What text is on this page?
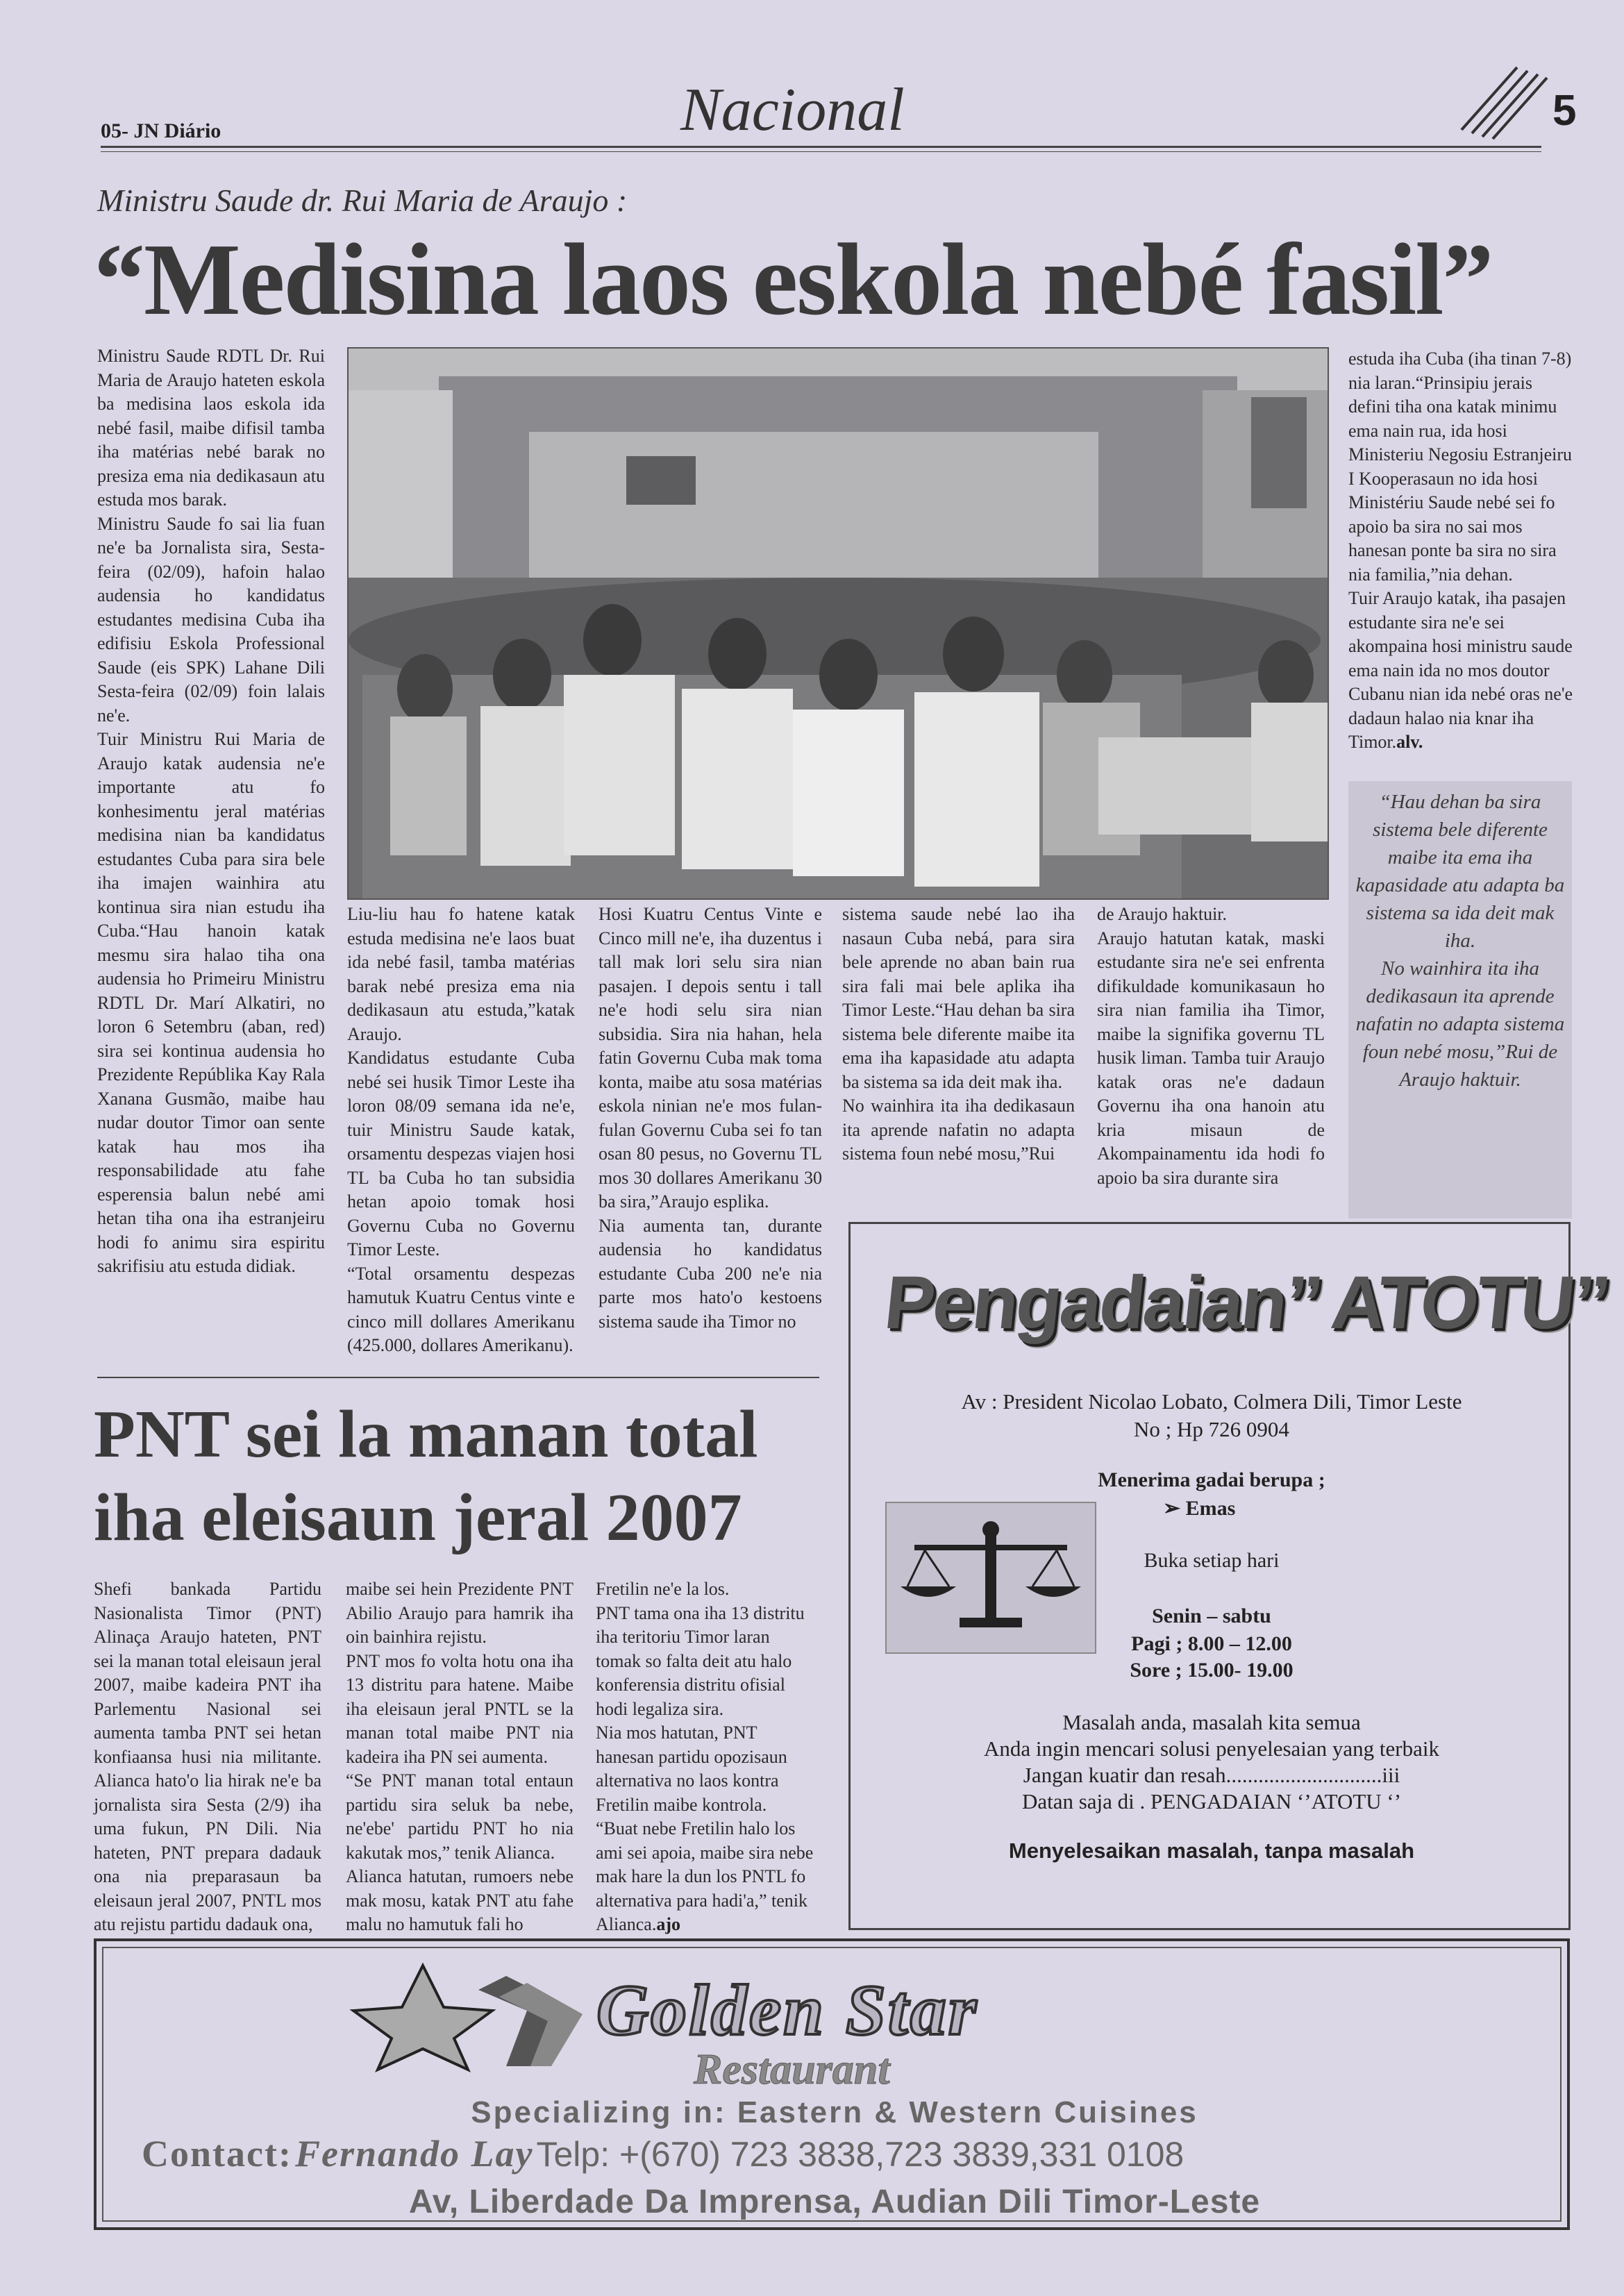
05- JN Diário	Nacional	5
Ministru Saude dr. Rui Maria de Araujo :
“Medisina laos eskola nebé fasil”
Ministru Saude RDTL Dr. Rui Maria de Araujo hateten eskola ba medisina laos eskola ida nebé fasil, maibe difisil tamba iha matérias nebé barak no presiza ema nia dedikasaun atu estuda mos barak.
Ministru Saude fo sai lia fuan ne'e ba Jornalista sira, Sesta-feira (02/09), hafoin halao audensia ho kandidatus estudantes medisina Cuba iha edifisiu Eskola Professional Saude (eis SPK) Lahane Dili Sesta-feira (02/09) foin lalais ne'e.
Tuir Ministru Rui Maria de Araujo katak audensia ne'e importante atu fo konhesimentu jeral matérias medisina nian ba kandidatus estudantes Cuba para sira bele iha imajen wainhira atu kontinua sira nian estudu iha Cuba.“Hau hanoin katak mesmu sira halao tiha ona audensia ho Primeiru Ministru RDTL Dr. Marí Alkatiri, no loron 6 Setembru (aban, red) sira sei kontinua audensia ho Prezidente Repúblika Kay Rala Xanana Gusmão, maibe hau nudar doutor Timor oan sente katak hau mos iha responsabilidade atu fahe esperensia balun nebé ami hetan tiha ona iha estranjeiru hodi fo animu sira espiritu sakrifisiu atu estuda didiak.
Liu-liu hau fo hatene katak estuda medisina ne'e laos buat ida nebé fasil, tamba matérias barak nebé presiza ema nia dedikasaun atu estuda,”katak Araujo.
Kandidatus estudante Cuba nebé sei husik Timor Leste iha loron 08/09 semana ida ne'e, tuir Ministru Saude katak, orsamentu despezas viajen hosi TL ba Cuba ho tan subsidia hetan apoio tomak hosi Governu Cuba no Governu Timor Leste.
“Total orsamentu despezas hamutuk Kuatru Centus vinte e cinco mill dollares Amerikanu (425.000, dollares Amerikanu).
Hosi Kuatru Centus Vinte e Cinco mill ne'e, iha duzentus i tall mak lori selu sira nian pasajen. I depois sentu i tall ne'e hodi selu sira nian subsidia. Sira nia hahan, hela fatin Governu Cuba mak toma konta, maibe atu sosa matérias eskola ninian ne'e mos fulan-fulan Governu Cuba sei fo tan osan 80 pesus, no Governu TL mos 30 dollares Amerikanu 30 ba sira,”Araujo esplika.
Nia aumenta tan, durante audensia ho kandidatus estudante Cuba 200 ne'e nia parte mos hato'o kestoens sistema saude iha Timor no
sistema saude nebé lao iha nasaun Cuba nebá, para sira bele aprende no aban bain rua sira fali mai bele aplika iha Timor Leste.“Hau dehan ba sira sistema bele diferente maibe ita ema iha kapasidade atu adapta ba sistema sa ida deit mak iha.
No wainhira ita iha dedikasaun ita aprende nafatin no adapta sistema foun nebé mosu,”Rui
de Araujo haktuir.
Araujo hatutan katak, maski estudante sira ne'e sei enfrenta difikuldade komunikasaun ho sira nian familia iha Timor, maibe la signifika governu TL husik liman. Tamba tuir Araujo katak oras ne'e dadaun Governu iha ona hanoin atu kria misaun de Akompainamentu ida hodi fo apoio ba sira durante sira
estuda iha Cuba (iha tinan 7-8) nia laran.“Prinsipiu jerais defini tiha ona katak minimu ema nain rua, ida hosi Ministeriu Negosiu Estranjeiru I Kooperasaun no ida hosi Ministériu Saude nebé sei fo apoio ba sira no sai mos hanesan ponte ba sira no sira nia familia,”nia dehan.
Tuir Araujo katak, iha pasajen estudante sira ne'e sei akompaina hosi ministru saude ema nain ida no mos doutor Cubanu nian ida nebé oras ne'e dadaun halao nia knar iha Timor.alv.
“Hau dehan ba sira sistema bele diferente maibe ita ema iha kapasidade atu adapta ba sistema sa ida deit mak iha.
No wainhira ita iha dedikasaun ita aprende nafatin no adapta sistema foun nebé mosu,”Rui de Araujo haktuir.
PNT sei la manan total
iha eleisaun jeral 2007
Shefi bankada Partidu Nasionalista Timor (PNT) Alinaça Araujo hateten, PNT sei la manan total eleisaun jeral 2007, maibe kadeira PNT iha Parlementu Nasional sei aumenta tamba PNT sei hetan konfiaansa husi nia militante. Alianca hato'o lia hirak ne'e ba jornalista sira Sesta (2/9) iha uma fukun, PN Dili. Nia hateten, PNT prepara dadauk ona nia preparasaun ba eleisaun jeral 2007, PNTL mos atu rejistu partidu dadauk ona,
maibe sei hein Prezidente PNT Abilio Araujo para hamrik iha oin bainhira rejistu.
PNT mos fo volta hotu ona iha 13 distritu para hatene. Maibe iha eleisaun jeral PNTL se la manan total maibe PNT nia kadeira iha PN sei aumenta.
“Se PNT manan total entaun partidu sira seluk ba nebe, ne'ebe' partidu PNT ho nia kakutak mos,” tenik Alianca.
Alianca hatutan, rumoers nebe mak mosu, katak PNT atu fahe malu no hamutuk fali ho
Fretilin ne'e la los.
PNT tama ona iha 13 distritu iha teritoriu Timor laran tomak so falta deit atu halo konferensia distritu ofisial hodi legaliza sira.
Nia mos hatutan, PNT hanesan partidu opozisaun alternativa no laos kontra Fretilin maibe kontrola.
“Buat nebe Fretilin halo los ami sei apoia, maibe sira nebe mak hare la dun los PNTL fo alternativa para hadi'a,” tenik Alianca.ajo
Pengadaian’’ ATOTU’’
Av : President Nicolao Lobato, Colmera Dili, Timor Leste
No ; Hp 726 0904
Menerima gadai berupa ;
➢ Emas
Buka setiap hari
Senin – sabtu
Pagi ; 8.00 – 12.00
Sore ; 15.00- 19.00
Masalah anda, masalah kita semua
Anda ingin mencari solusi penyelesaian yang terbaik
Jangan kuatir dan resah.............................iii
Datan saja di . PENGADAIAN ‘’ATOTU ‘’
Menyelesaikan masalah, tanpa masalah
Golden Star
Restaurant
Specializing in: Eastern & Western Cuisines
Contact: Fernando Lay Telp: +(670) 723 3838,723 3839,331 0108
Av, Liberdade Da Imprensa, Audian Dili Timor-Leste
